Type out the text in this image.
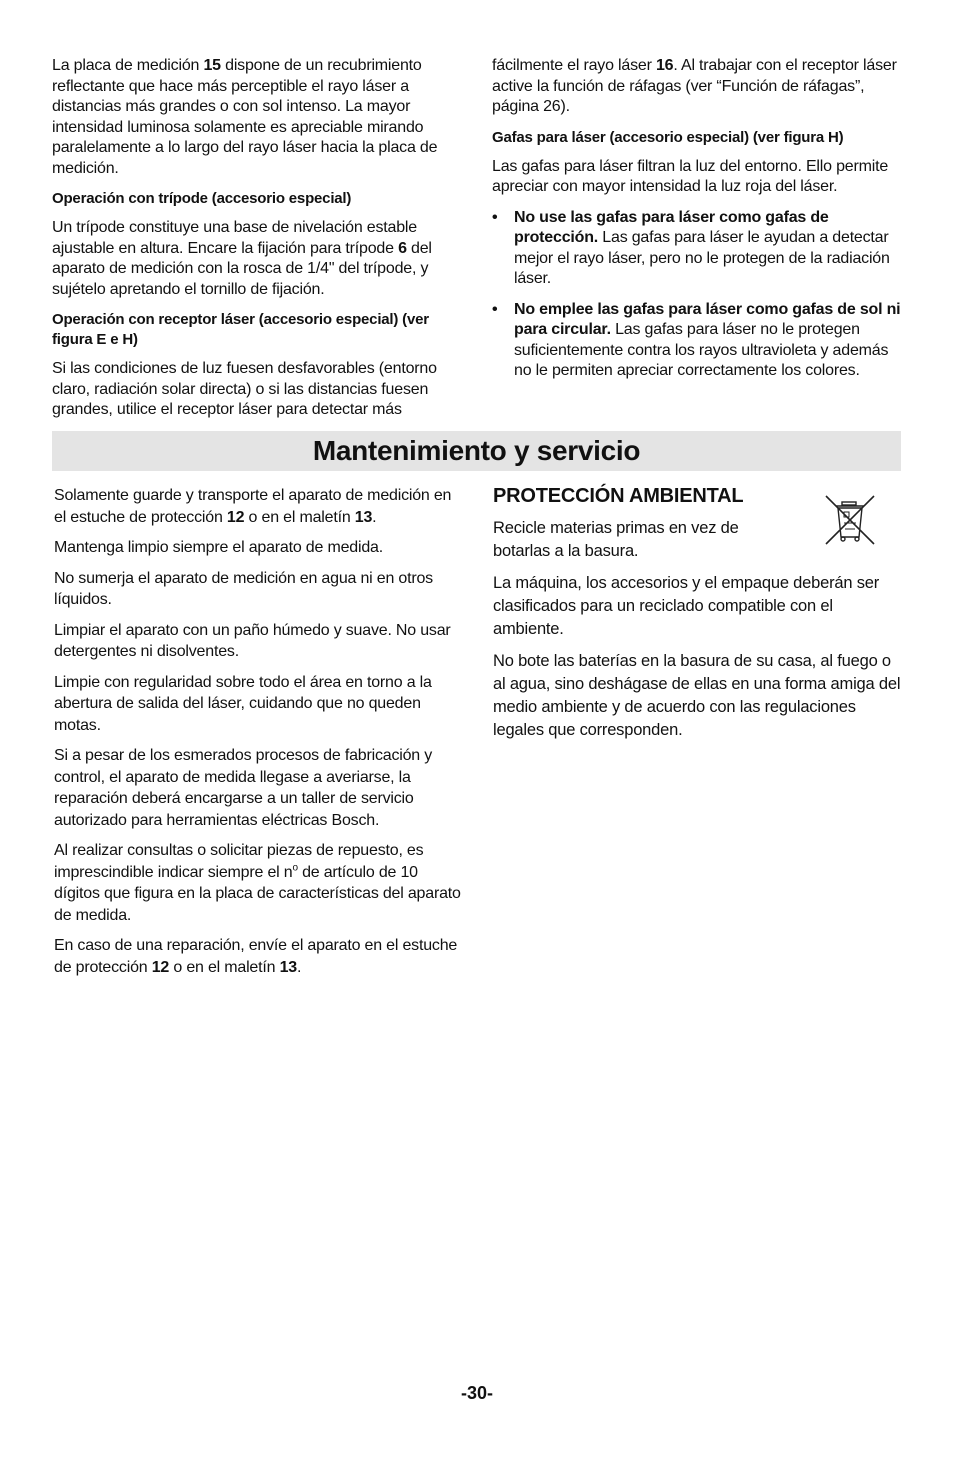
La placa de medición 15 dispone de un recubrimiento reflectante que hace más perceptible el rayo láser a distancias más grandes o con sol intenso. La mayor intensidad luminosa solamente es apreciable mirando paralelamente a lo largo del rayo láser hacia la placa de medición.

Operación con trípode (accesorio especial)

Un trípode constituye una base de nivelación estable ajustable en altura. Encare la fijación para trípode 6 del aparato de medición con la rosca de 1/4" del trípode, y sujételo apretando el tornillo de fijación.

Operación con receptor láser (accesorio especial) (ver figura E e H)

Si las condiciones de luz fuesen desfavorables (entorno claro, radiación solar directa) o si las distancias fuesen grandes, utilice el receptor láser para detectar más

fácilmente el rayo láser 16. Al trabajar con el receptor láser active la función de ráfagas (ver “Función de ráfagas”, página 26).

Gafas para láser (accesorio especial) (ver figura H)

Las gafas para láser filtran la luz del entorno. Ello permite apreciar con mayor intensidad la luz roja del láser.

• No use las gafas para láser como gafas de protección. Las gafas para láser le ayudan a detectar mejor el rayo láser, pero no le protegen de la radiación láser.
• No emplee las gafas para láser como gafas de sol ni para circular. Las gafas para láser no le protegen suficientemente contra los rayos ultravioleta y además no le permiten apreciar correctamente los colores.
Mantenimiento y servicio

Solamente guarde y transporte el aparato de medición en el estuche de protección 12 o en el maletín 13.

Mantenga limpio siempre el aparato de medida.

No sumerja el aparato de medición en agua ni en otros líquidos.

Limpiar el aparato con un paño húmedo y suave. No usar detergentes ni disolventes.

Limpie con regularidad sobre todo el área en torno a la abertura de salida del láser, cuidando que no queden motas.

Si a pesar de los esmerados procesos de fabricación y control, el aparato de medida llegase a averiarse, la reparación deberá encargarse a un taller de servicio autorizado para herramientas eléctricas Bosch.

Al realizar consultas o solicitar piezas de repuesto, es imprescindible indicar siempre el $n^o$ de artículo de 10 dígitos que figura en la placa de características del aparato de medida.

En caso de una reparación, envíe el aparato en el estuche de protección 12 o en el maletín 13.

PROTECCIÓN AMBIENTAL

Recicle materias primas en vez de botarlas a la basura.

La máquina, los accesorios y el empaque deberán ser clasificados para un reciclado compatible con el ambiente.

No bote las baterías en la basura de su casa, al fuego o al agua, sino deshágase de ellas en una forma amiga del medio ambiente y de acuerdo con las regulaciones legales que corresponden.

-30-
